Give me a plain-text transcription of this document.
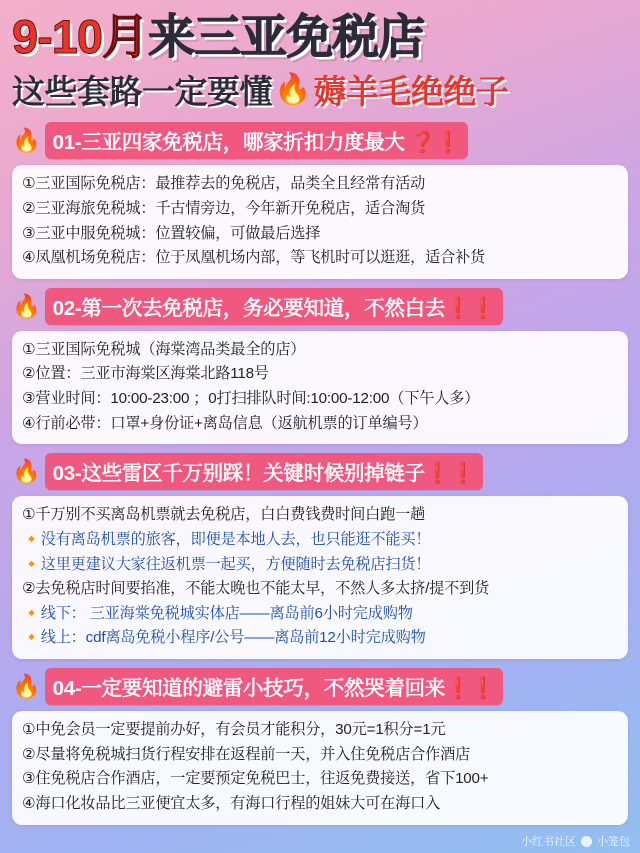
9-10月来三亚免税店
这些套路一定要懂 🔥 薅羊毛绝绝子
🔥 01-三亚四家免税店，哪家折扣力度最大 ❓❗
①三亚国际免税店：最推荐去的免税店，品类全且经常有活动
②三亚海旅免税城：千古情旁边，今年新开免税店，适合淘货
③三亚中服免税城：位置较偏，可做最后选择
④凤凰机场免税店：位于凤凰机场内部，等飞机时可以逛逛，适合补货
🔥 02-第一次去免税店，务必要知道，不然白去❗❗
①三亚国际免税城（海棠湾品类最全的店）
②位置：三亚市海棠区海棠北路118号
③营业时间：10:00-23:00 ；0打扫排队时间:10:00-12:00（下午人多）
④行前必带：口罩+身份证+离岛信息（返航机票的订单编号）
🔥 03-这些雷区千万别踩！关键时候别掉链子❗❗
①千万别不买离岛机票就去免税店，白白费钱费时间白跑一趟
🔸没有离岛机票的旅客，即便是本地人去，也只能逛不能买！
🔸这里更建议大家往返机票一起买，方便随时去免税店扫货！
②去免税店时间要掐准，不能太晚也不能太早，不然人多太挤/提不到货
🔸线下： 三亚海棠免税城实体店——离岛前6小时完成购物
🔸线上：cdf离岛免税小程序/公号——离岛前12小时完成购物
🔥 04-一定要知道的避雷小技巧，不然哭着回来❗❗
①中免会员一定要提前办好，有会员才能积分，30元=1积分=1元
②尽量将免税城扫货行程安排在返程前一天，并入住免税店合作酒店
③住免税店合作酒店，一定要预定免税巴士，往返免费接送，省下100+
④海口化妆品比三亚便宜太多，有海口行程的姐妹大可在海口入
小红书社区 小笼包
